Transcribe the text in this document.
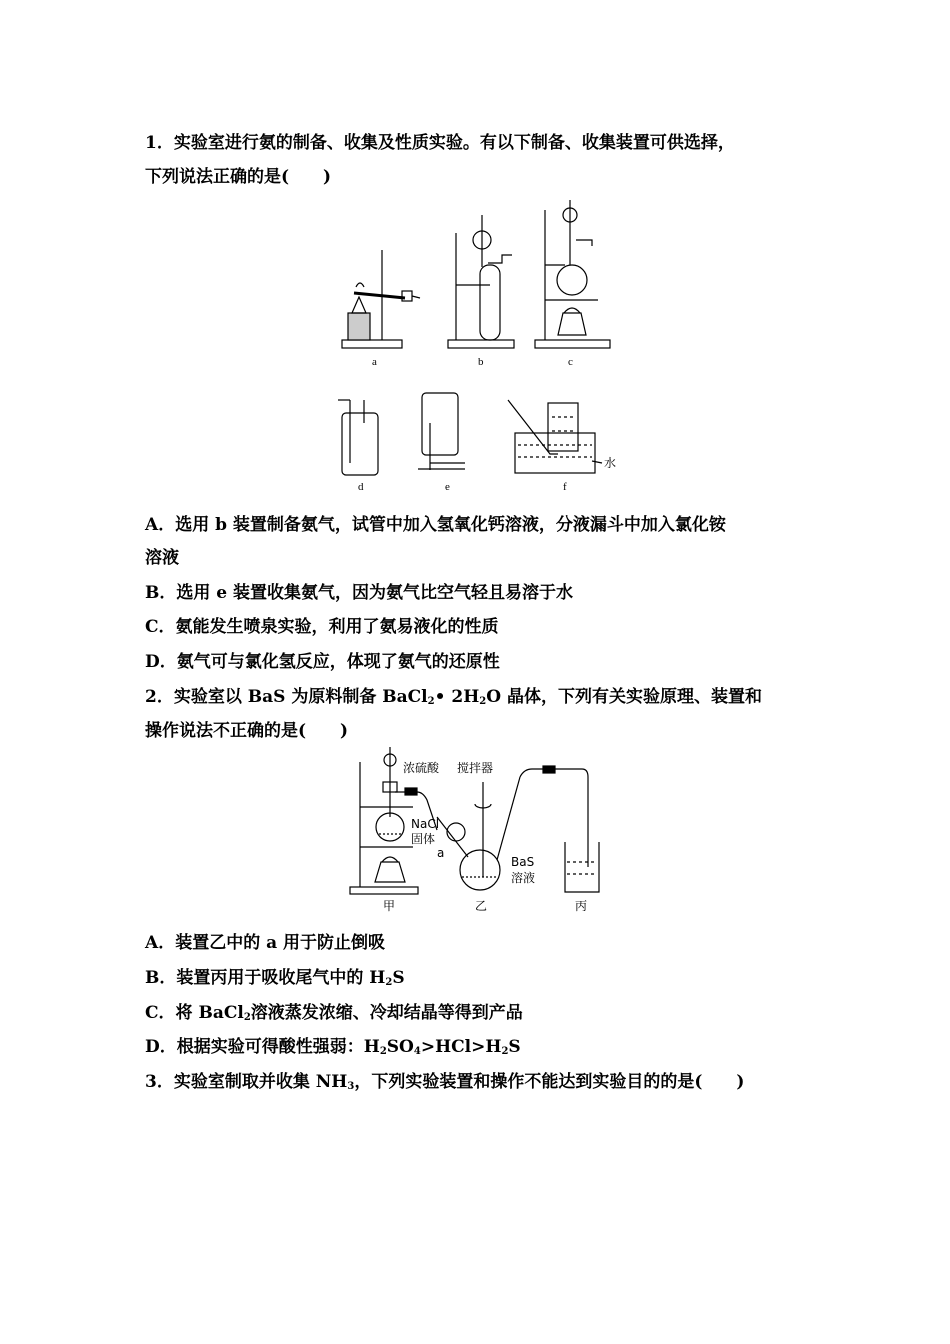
1．实验室进行氨的制备、收集及性质实验。有以下制备、收集装置可供选择，
下列说法正确的是(　　)
a	b	c
d	e	f
水
A．选用 b 装置制备氨气，试管中加入氢氧化钙溶液，分液漏斗中加入氯化铵
溶液
B．选用 e 装置收集氨气，因为氨气比空气轻且易溶于水
C．氨能发生喷泉实验，利用了氨易液化的性质
D．氨气可与氯化氢反应，体现了氨气的还原性
2．实验室以 BaS 为原料制备 BaCl$_2$• $2H_2O$ 晶体，下列有关实验原理、装置和
操作说法不正确的是(　　)
浓硫酸 搅拌器
NaCl
固体
a
BaS
溶液
甲	乙	丙
A．装置乙中的 a 用于防止倒吸
B．装置丙用于吸收尾气中的 $H_2S$
C．将 BaCl$_2$溶液蒸发浓缩、冷却结晶等得到产品
D．根据实验可得酸性强弱：$H_2SO_4>HCl>H_2S$
3．实验室制取并收集 $NH_3$，下列实验装置和操作不能达到实验目的的是(　　)
